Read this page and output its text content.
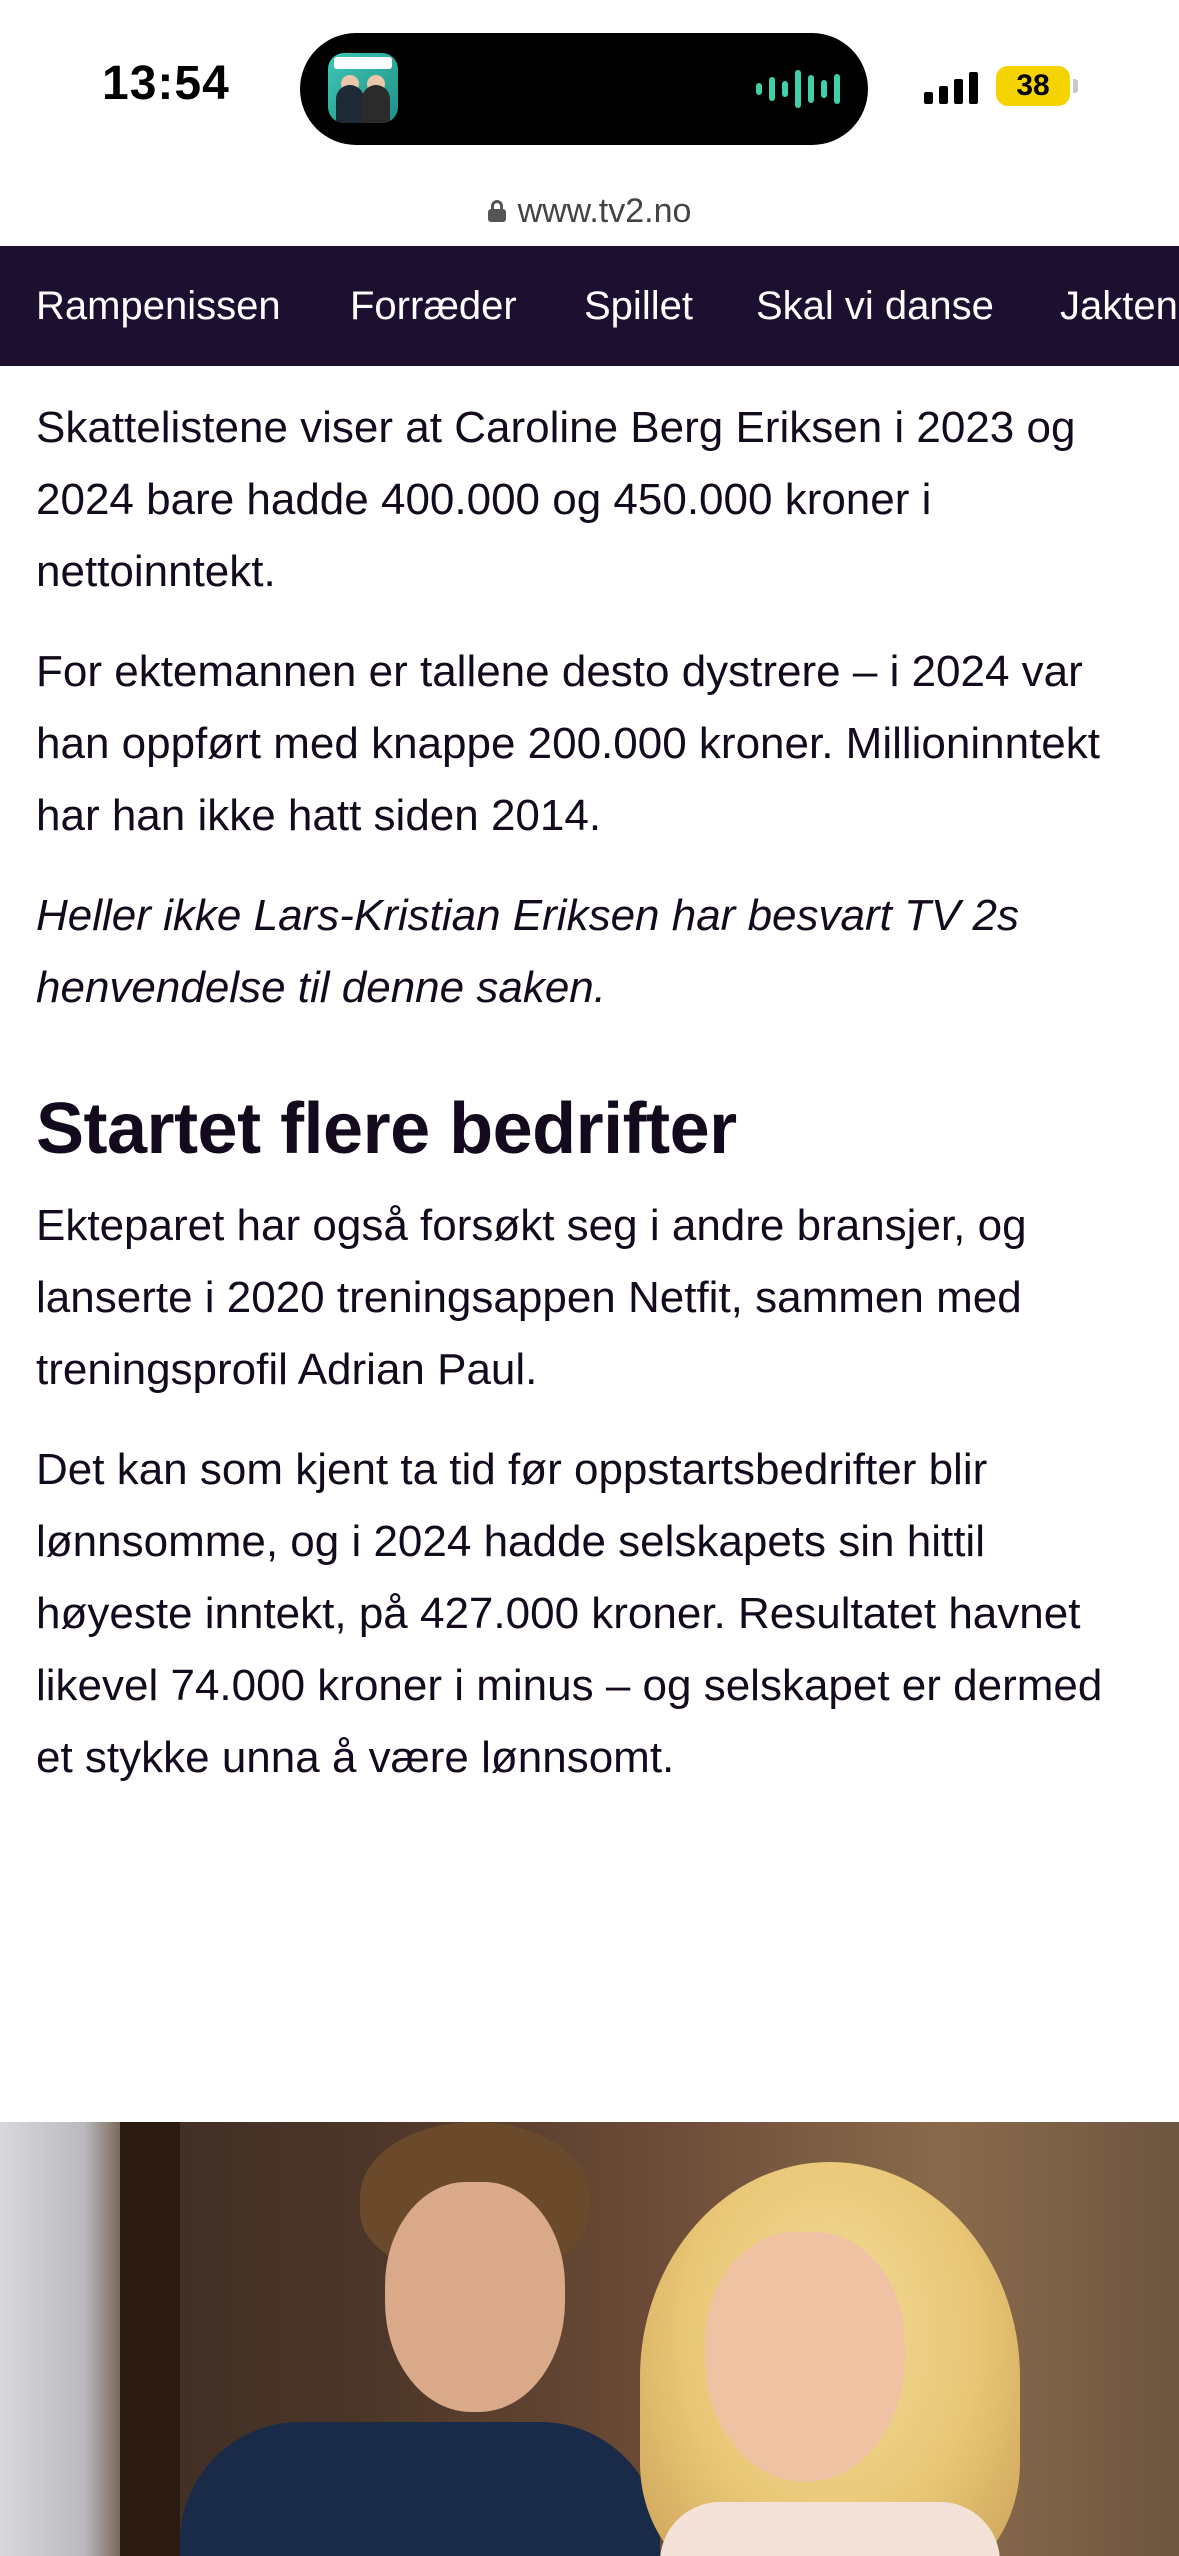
13:54	38
www.tv2.no
Rampenissen Forræder Spillet Skal vi danse Jakten

Skattelistene viser at Caroline Berg Eriksen i 2023 og 2024 bare hadde 400.000 og 450.000 kroner i nettoinntekt.

For ektemannen er tallene desto dystrere – i 2024 var han oppført med knappe 200.000 kroner. Millioninntekt har han ikke hatt siden 2014.

Heller ikke Lars-Kristian Eriksen har besvart TV 2s henvendelse til denne saken.

Startet flere bedrifter

Ekteparet har også forsøkt seg i andre bransjer, og lanserte i 2020 treningsappen Netfit, sammen med treningsprofil Adrian Paul.

Det kan som kjent ta tid før oppstartsbedrifter blir lønnsomme, og i 2024 hadde selskapets sin hittil høyeste inntekt, på 427.000 kroner. Resultatet havnet likevel 74.000 kroner i minus – og selskapet er dermed et stykke unna å være lønnsomt.
